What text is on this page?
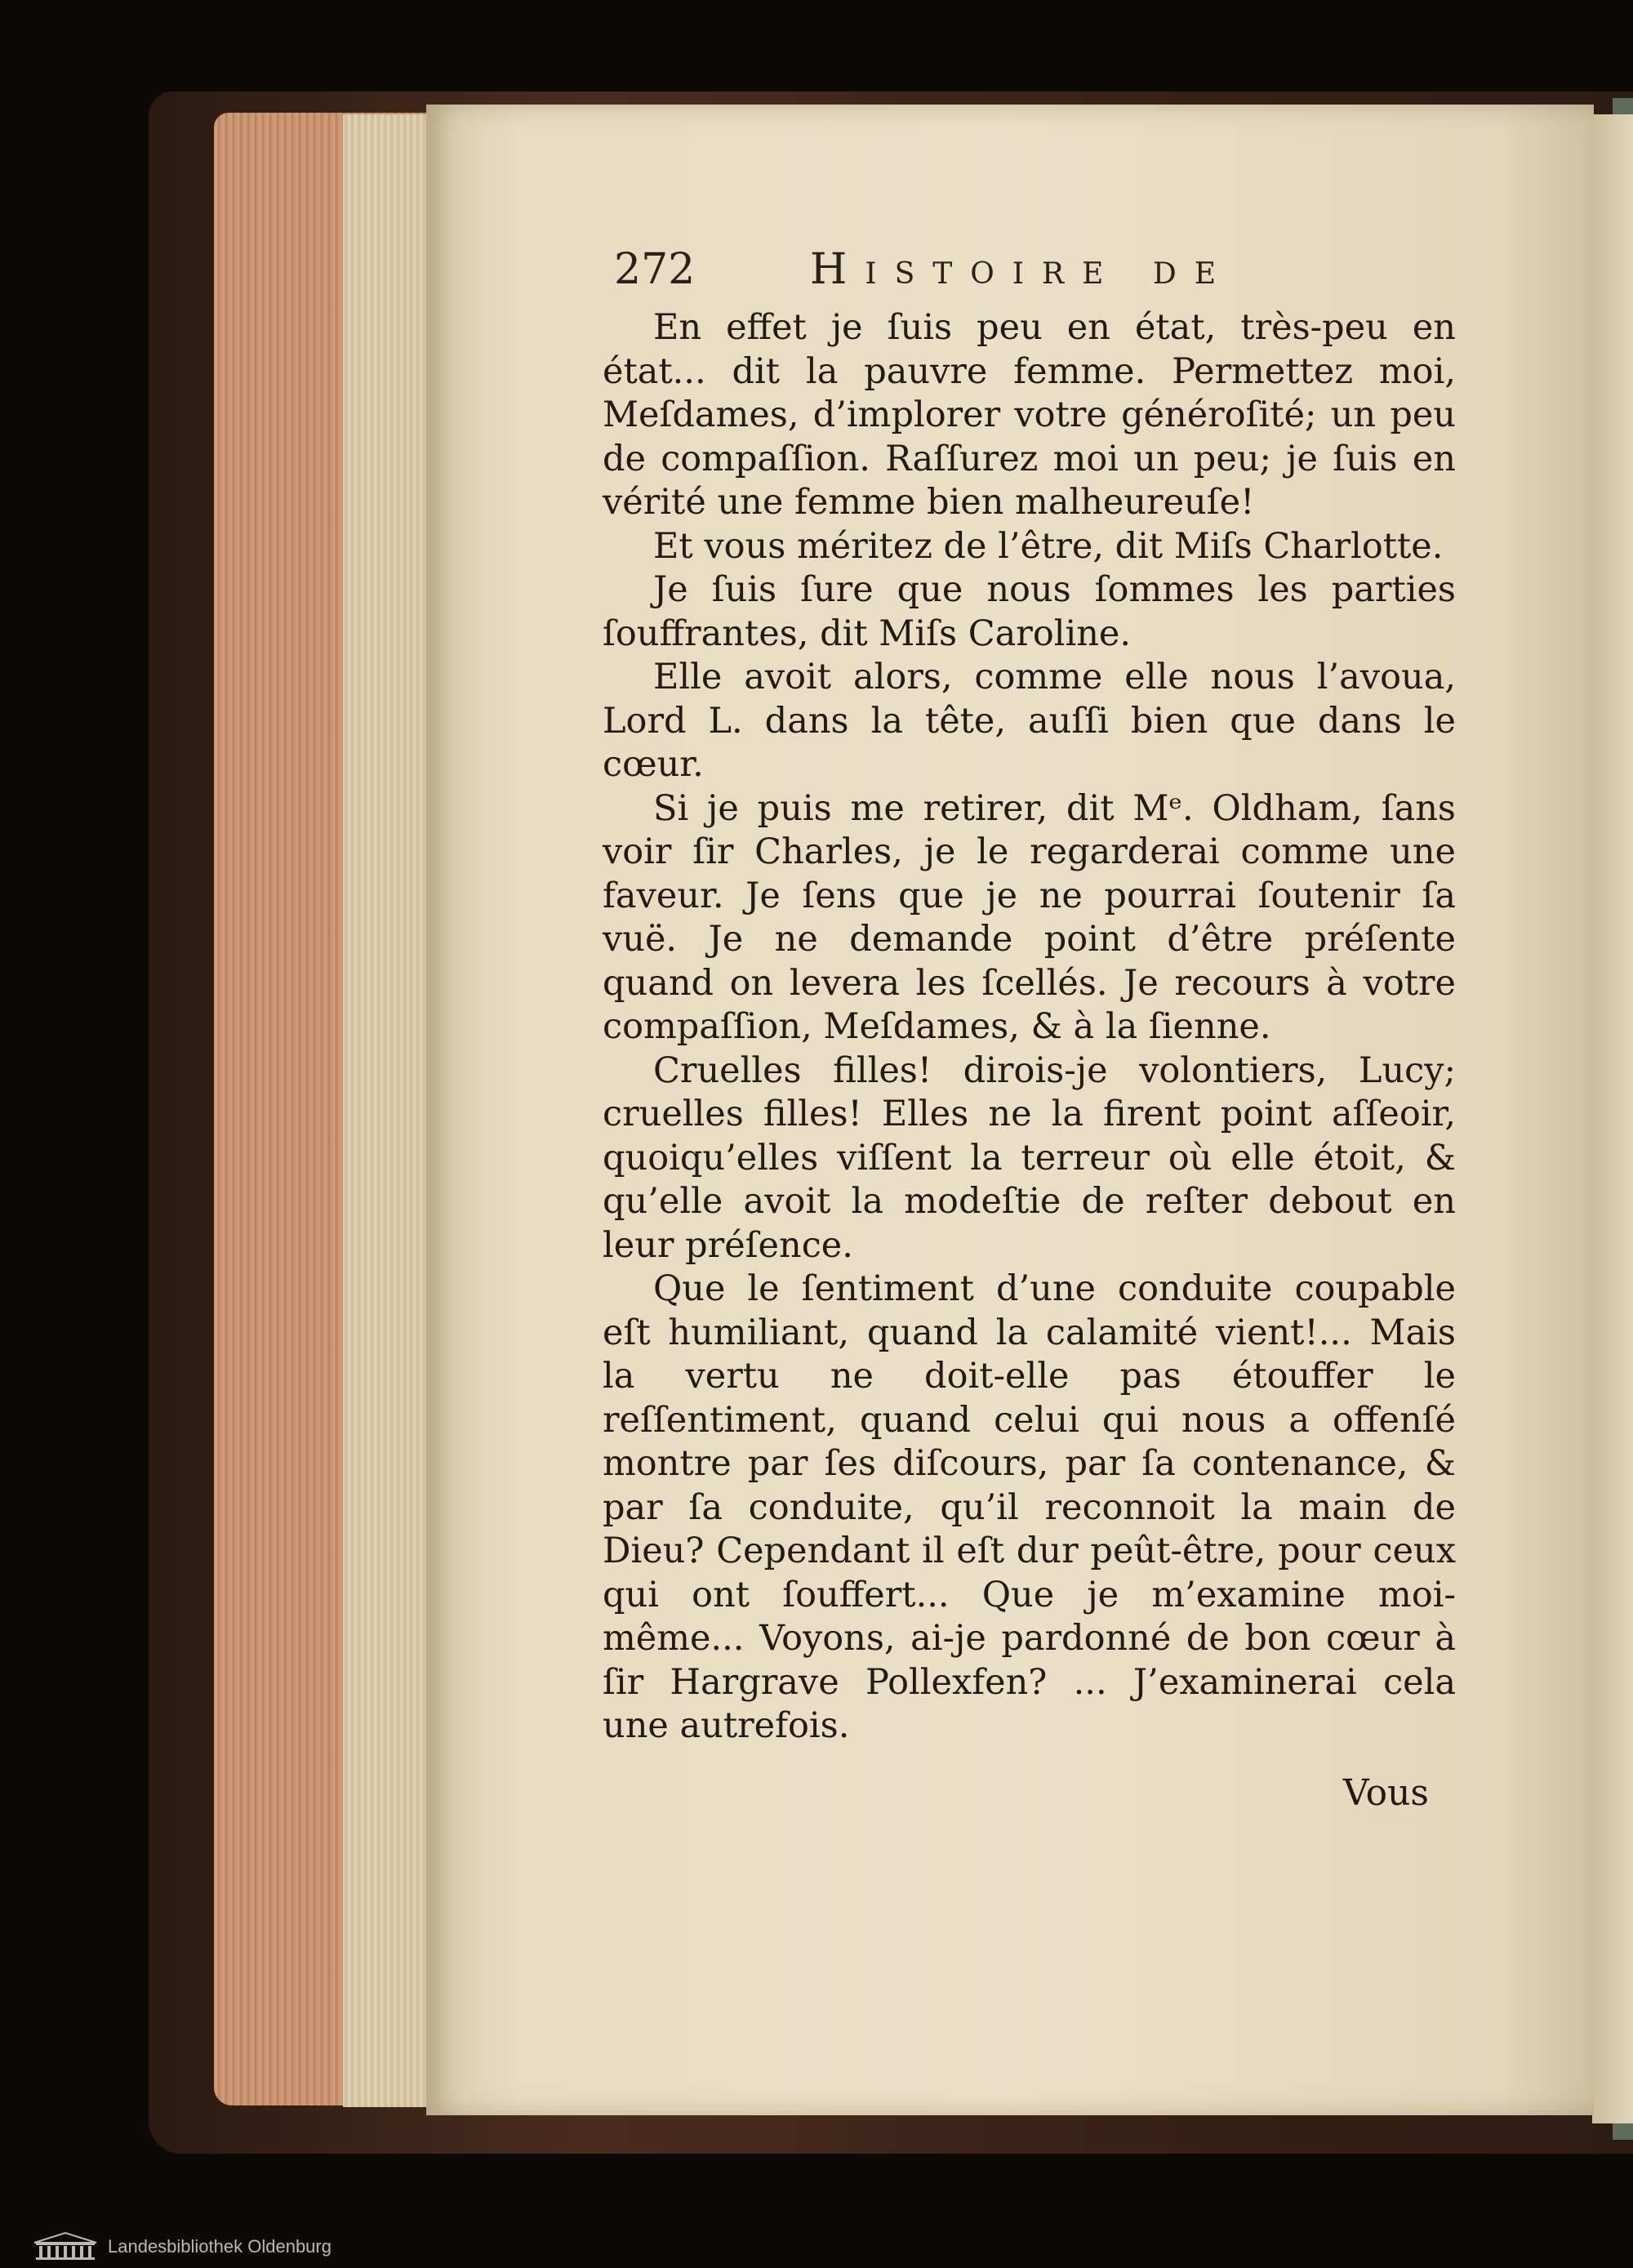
272	Histoire de

En effet je ſuis peu en état, très-peu en état... dit la pauvre femme. Permettez moi, Meſdames, d’implorer votre généroſité; un peu de compaſſion. Raſſurez moi un peu; je ſuis en vérité une femme bien malheureuſe!

Et vous méritez de l’être, dit Miſs Charlotte.

Je ſuis ſure que nous ſommes les parties ſouffrantes, dit Miſs Caroline.

Elle avoit alors, comme elle nous l’avoua, Lord L. dans la tête, auſſi bien que dans le cœur.

Si je puis me retirer, dit Mᵉ. Oldham, ſans voir ſir Charles, je le regarderai comme une faveur. Je ſens que je ne pourrai ſoutenir ſa vuë. Je ne demande point d’être préſente quand on levera les ſcellés. Je recours à votre compaſſion, Meſdames, & à la ſienne.

Cruelles filles! dirois-je volontiers, Lucy; cruelles filles! Elles ne la firent point aſſeoir, quoiqu’elles viſſent la terreur où elle étoit, & qu’elle avoit la modeſtie de reſter debout en leur préſence.

Que le ſentiment d’une conduite coupable eſt humiliant, quand la calamité vient!... Mais la vertu ne doit-elle pas étouffer le reſſentiment, quand celui qui nous a offenſé montre par ſes diſcours, par ſa contenance, & par ſa conduite, qu’il reconnoit la main de Dieu? Cependant il eſt dur peût-être, pour ceux qui ont ſouffert... Que je m’examine moi-même... Voyons, ai-je pardonné de bon cœur à ſir Hargrave Pollexfen? ... J’examinerai cela une autrefois.

Vous
Landesbibliothek Oldenburg
